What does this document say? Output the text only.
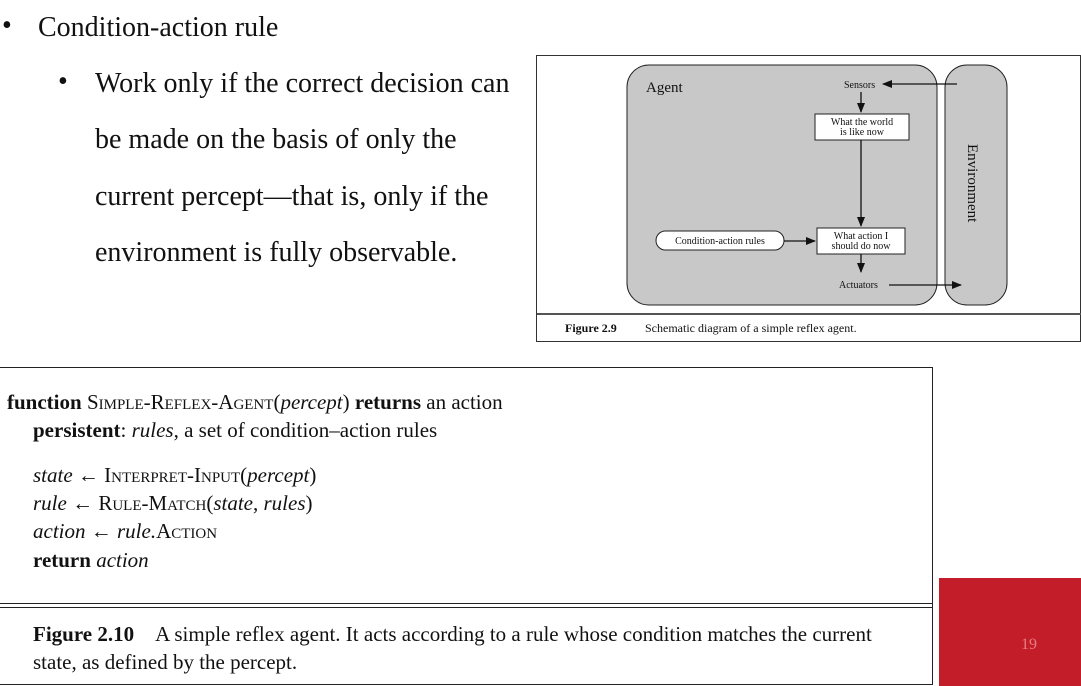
• Condition-action rule
• Work only if the correct decision can
be made on the basis of only the
current percept—that is, only if the
environment is fully observable.
Agent
Environment
Sensors
What the world
is like now
What action I
should do now
Condition-action rules
Actuators
Figure 2.9 Schematic diagram of a simple reflex agent.
function Simple-Reflex-Agent(percept) returns an action
persistent: rules, a set of condition–action rules
state ← Interpret-Input(percept)
rule ← Rule-Match(state, rules)
action ← rule.Action
return action
Figure 2.10 A simple reflex agent. It acts according to a rule whose condition matches the current state, as defined by the percept.
19
